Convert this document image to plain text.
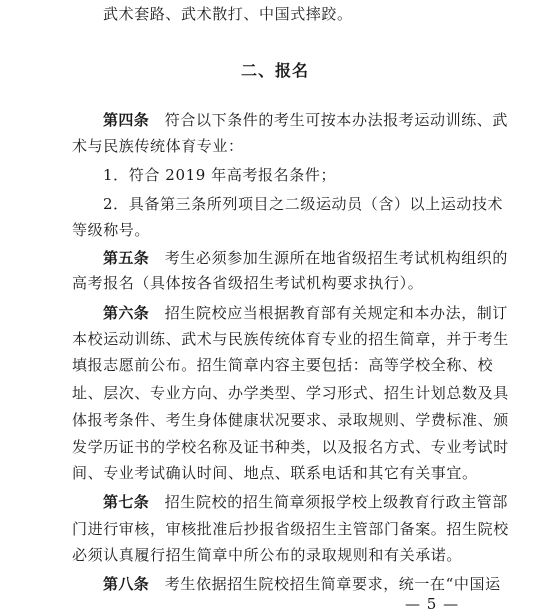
武术套路、武术散打、中国式摔跤。
二、报名
第四条　符合以下条件的考生可按本办法报考运动训练、武
术与民族传统体育专业：
1．符合 2019 年高考报名条件；
2．具备第三条所列项目之二级运动员（含）以上运动技术
等级称号。
第五条　考生必须参加生源所在地省级招生考试机构组织的
高考报名（具体按各省级招生考试机构要求执行）。
第六条　招生院校应当根据教育部有关规定和本办法，制订
本校运动训练、武术与民族传统体育专业的招生简章，并于考生
填报志愿前公布。招生简章内容主要包括：高等学校全称、校
址、层次、专业方向、办学类型、学习形式、招生计划总数及具
体报考条件、考生身体健康状况要求、录取规则、学费标准、颁
发学历证书的学校名称及证书种类，以及报名方式、专业考试时
间、专业考试确认时间、地点、联系电话和其它有关事宜。
第七条　招生院校的招生简章须报学校上级教育行政主管部
门进行审核，审核批准后抄报省级招生主管部门备案。招生院校
必须认真履行招生简章中所公布的录取规则和有关承诺。
第八条　考生依据招生院校招生简章要求，统一在“中国运
— 5 —
